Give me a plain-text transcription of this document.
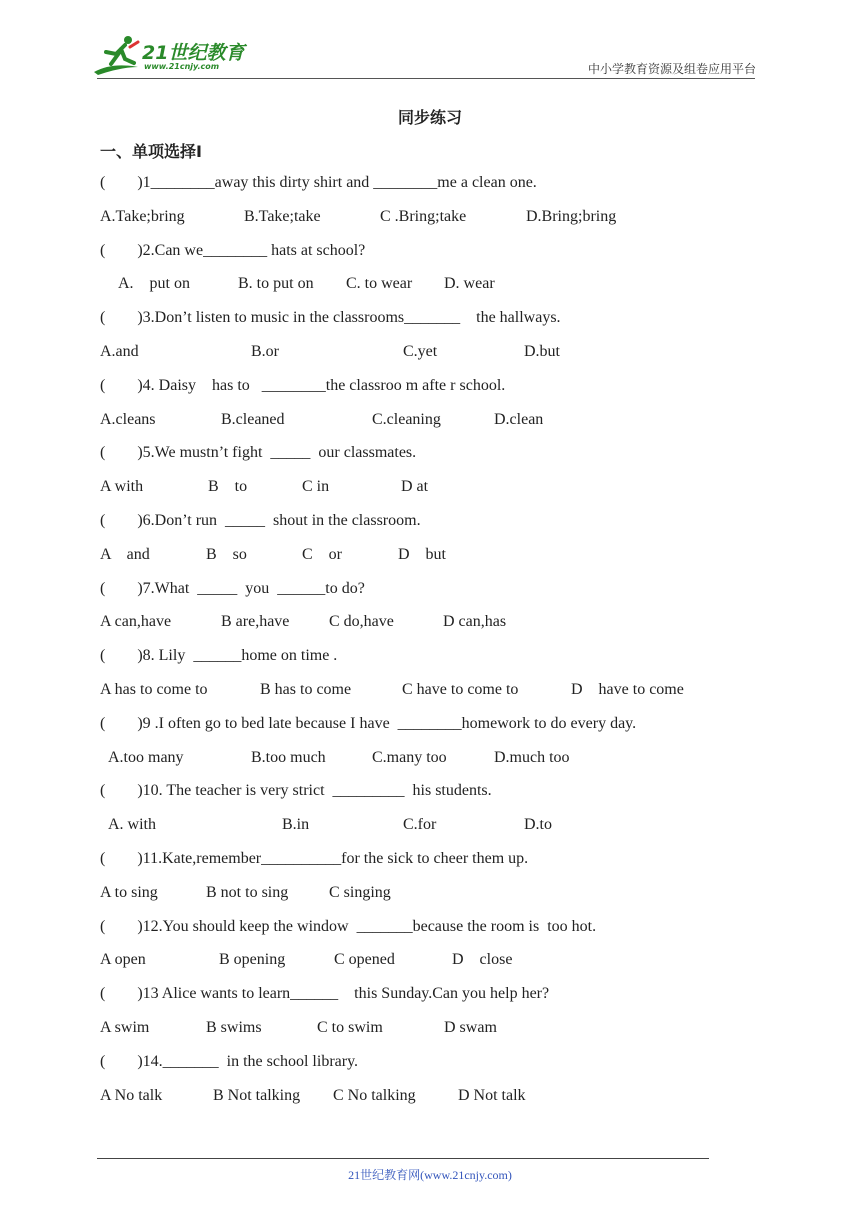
21世纪教育
www.21cnjy.com	中小学教育资源及组卷应用平台
同步练习
一、单项选择Ⅰ
(        )1________away this dirty shirt and ________me a clean one.
A.Take;bring	B.Take;take	C .Bring;take	D.Bring;bring
(        )2.Can we________ hats at school?
A.    put on	B. to put on C. to wear D. wear
(        )3.Don’t listen to music in the classrooms_______    the hallways.
A.and	B.or	C.yet	D.but
(        )4. Daisy    has to   ________the classroo m afte r school.
A.cleans	B.cleaned	C.cleaning	D.clean
(        )5.We mustn’t fight  _____  our classmates.
A with	B    to	C in	D at
(        )6.Don’t run  _____  shout in the classroom.
A    and	B    so	C    or	D    but
(        )7.What  _____  you  ______to do?
A can,have	B are,have C do,have	D can,has
(        )8. Lily  ______home on time .
A has to come to	B has to come	C have to come to	D    have to come
(        )9 .I often go to bed late because I have  ________homework to do every day.
A.too many	B.too much	C.many too	D.much too
(        )10. The teacher is very strict  _________  his students.
A. with	B.in	C.for	D.to
(        )11.Kate,remember__________for the sick to cheer them up.
A to sing	B not to sing	C singing
(        )12.You should keep the window  _______because the room is  too hot.
A open	B opening	C opened	D    close
(        )13 Alice wants to learn______    this Sunday.Can you help her?
A swim	B swims	C to swim	D swam
(        )14._______  in the school library.
A No talk	B Not talking C No talking	D Not talk
21世纪教育网(www.21cnjy.com)
